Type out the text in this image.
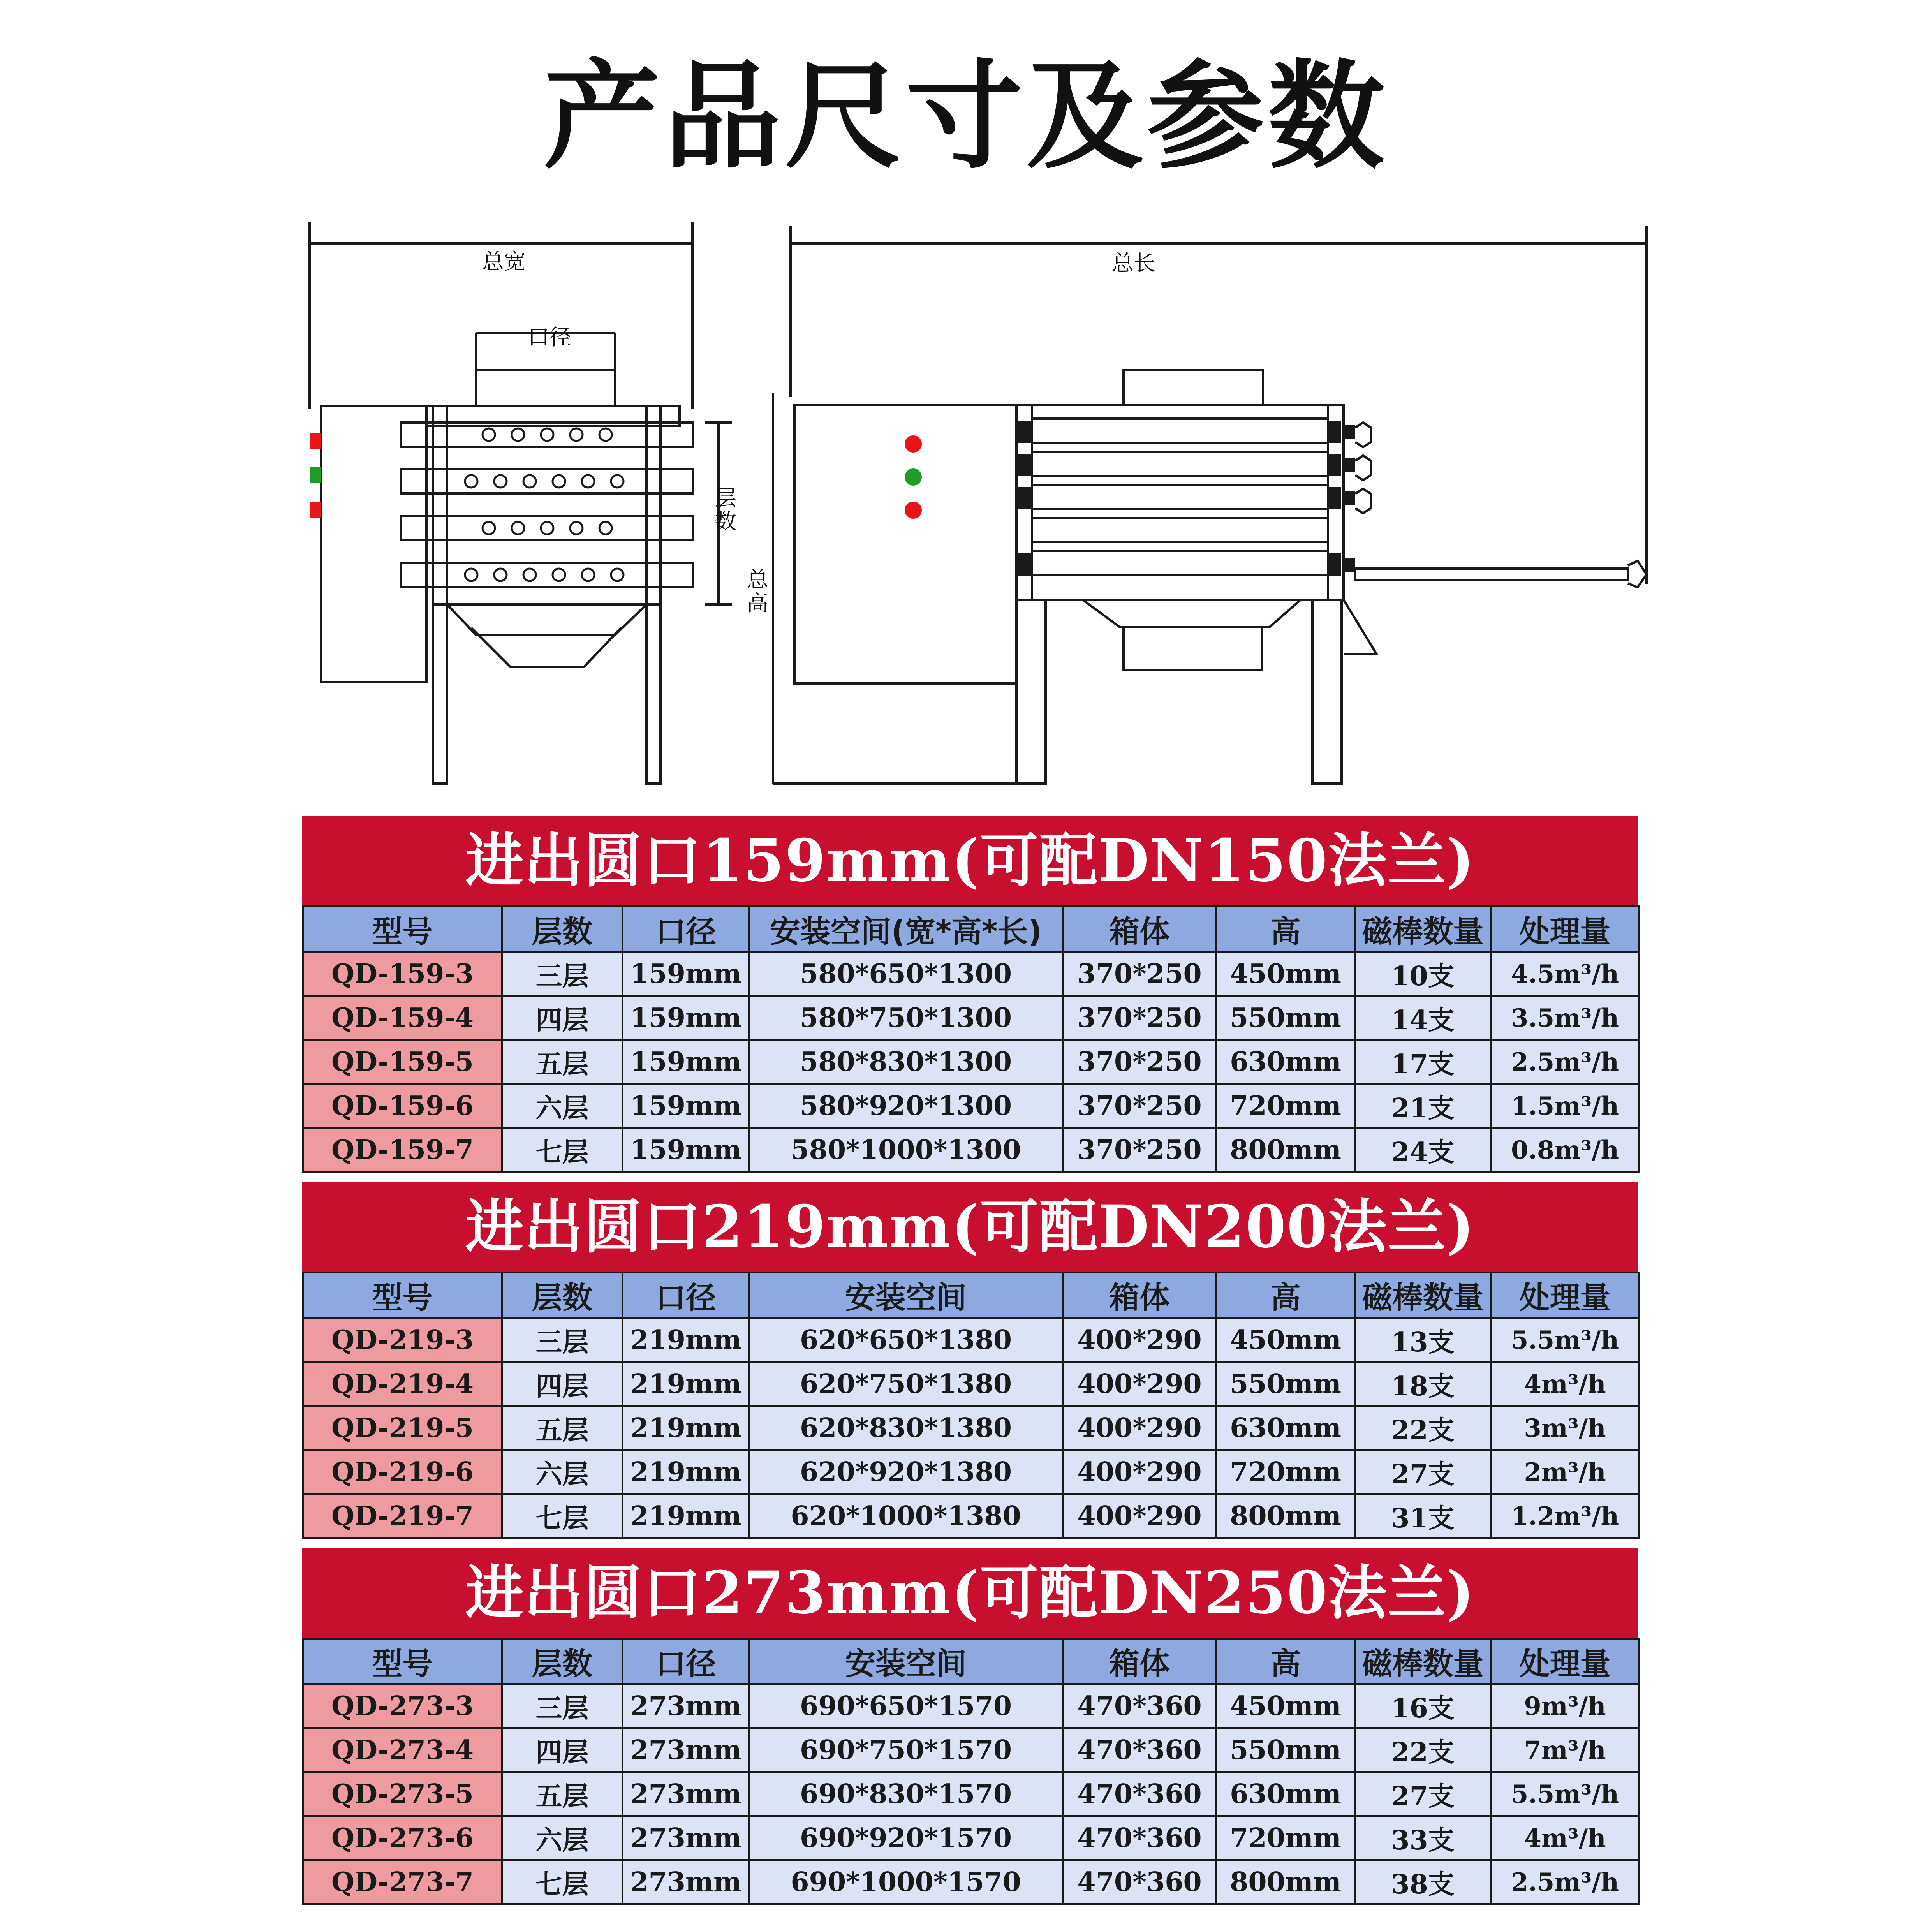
产品尺寸及参数
总宽
口径
层数
总高
总长
进出圆口159mm(可配DN150法兰)
型号	层数	口径	安装空间(宽*高*长)	箱体	高	磁棒数量	处理量
QD-159-3	三层	159mm	580*650*1300	370*250	450mm	10支	4.5m³/h
QD-159-4	四层	159mm	580*750*1300	370*250	550mm	14支	3.5m³/h
QD-159-5	五层	159mm	580*830*1300	370*250	630mm	17支	2.5m³/h
QD-159-6	六层	159mm	580*920*1300	370*250	720mm	21支	1.5m³/h
QD-159-7	七层	159mm	580*1000*1300	370*250	800mm	24支	0.8m³/h
进出圆口219mm(可配DN200法兰)
型号	层数	口径	安装空间	箱体	高	磁棒数量	处理量
QD-219-3	三层	219mm	620*650*1380	400*290	450mm	13支	5.5m³/h
QD-219-4	四层	219mm	620*750*1380	400*290	550mm	18支	4m³/h
QD-219-5	五层	219mm	620*830*1380	400*290	630mm	22支	3m³/h
QD-219-6	六层	219mm	620*920*1380	400*290	720mm	27支	2m³/h
QD-219-7	七层	219mm	620*1000*1380	400*290	800mm	31支	1.2m³/h
进出圆口273mm(可配DN250法兰)
型号	层数	口径	安装空间	箱体	高	磁棒数量	处理量
QD-273-3	三层	273mm	690*650*1570	470*360	450mm	16支	9m³/h
QD-273-4	四层	273mm	690*750*1570	470*360	550mm	22支	7m³/h
QD-273-5	五层	273mm	690*830*1570	470*360	630mm	27支	5.5m³/h
QD-273-6	六层	273mm	690*920*1570	470*360	720mm	33支	4m³/h
QD-273-7	七层	273mm	690*1000*1570	470*360	800mm	38支	2.5m³/h
